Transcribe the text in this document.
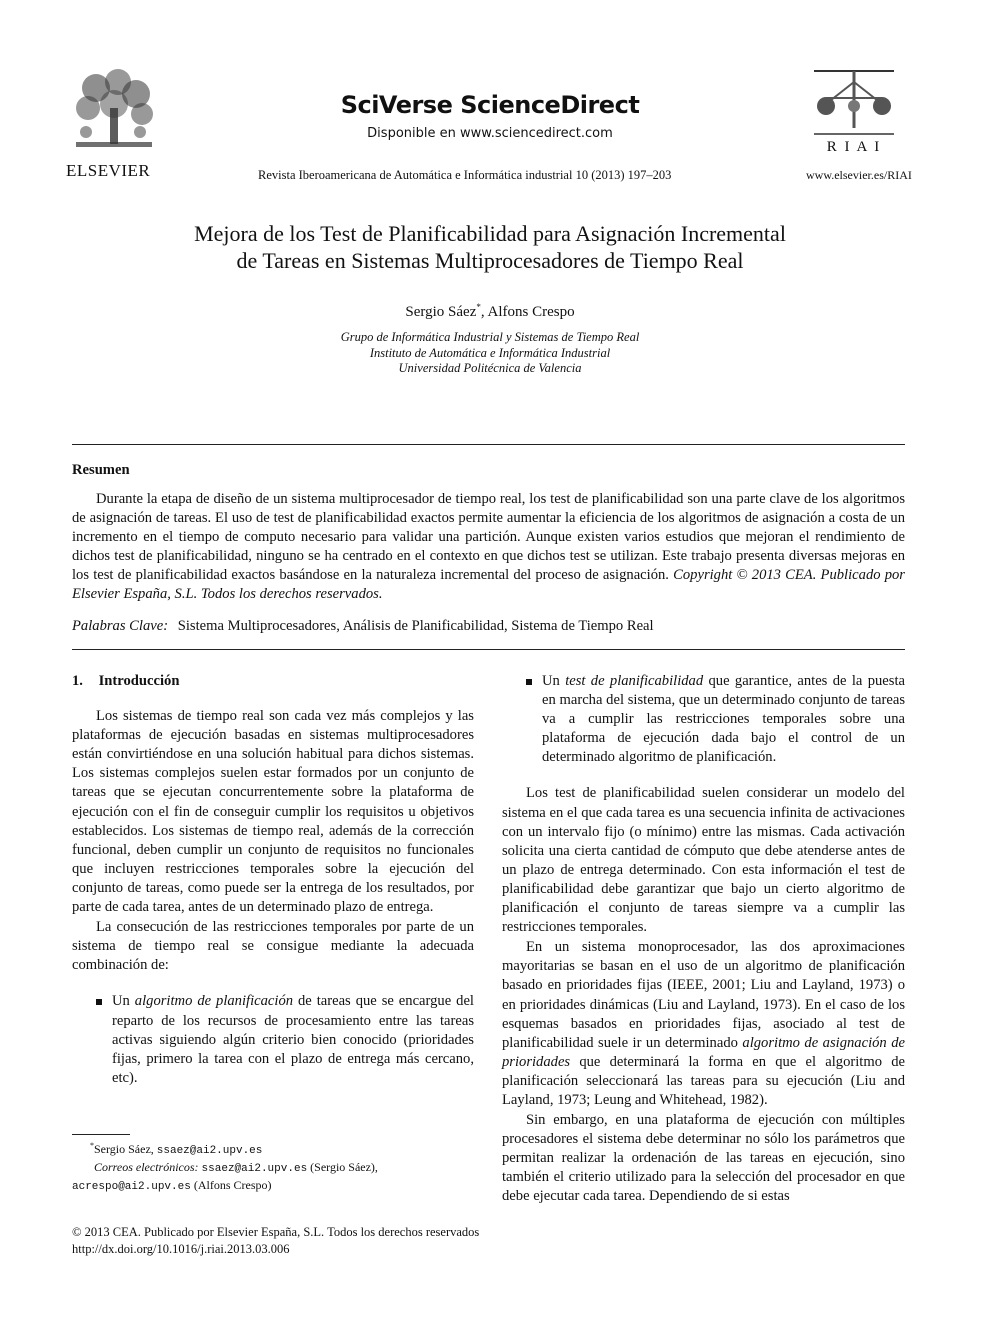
ELSEVIER
SciVerse ScienceDirect
Disponible en www.sciencedirect.com
Revista Iberoamericana de Automática e Informática industrial 10 (2013) 197–203
R I A I
www.elsevier.es/RIAI
Mejora de los Test de Planificabilidad para Asignación Incremental
de Tareas en Sistemas Multiprocesadores de Tiempo Real
Sergio Sáez*, Alfons Crespo
Grupo de Informática Industrial y Sistemas de Tiempo Real
Instituto de Automática e Informática Industrial
Universidad Politécnica de Valencia
Resumen
Durante la etapa de diseño de un sistema multiprocesador de tiempo real, los test de planificabilidad son una parte clave de los algoritmos de asignación de tareas. El uso de test de planificabilidad exactos permite aumentar la eficiencia de los algoritmos de asignación a costa de un incremento en el tiempo de computo necesario para validar una partición. Aunque existen varios estudios que mejoran el rendimiento de dichos test de planificabilidad, ninguno se ha centrado en el contexto en que dichos test se utilizan. Este trabajo presenta diversas mejoras en los test de planificabilidad exactos basándose en la naturaleza incremental del proceso de asignación. Copyright © 2013 CEA. Publicado por Elsevier España, S.L. Todos los derechos reservados.
Palabras Clave: Sistema Multiprocesadores, Análisis de Planificabilidad, Sistema de Tiempo Real
1. Introducción

Los sistemas de tiempo real son cada vez más complejos y las plataformas de ejecución basadas en sistemas multiprocesadores están convirtiéndose en una solución habitual para dichos sistemas. Los sistemas complejos suelen estar formados por un conjunto de tareas que se ejecutan concurrentemente sobre la plataforma de ejecución con el fin de conseguir cumplir los requisitos u objetivos establecidos. Los sistemas de tiempo real, además de la corrección funcional, deben cumplir un conjunto de requisitos no funcionales que incluyen restricciones temporales sobre la ejecución del conjunto de tareas, como puede ser la entrega de los resultados, por parte de cada tarea, antes de un determinado plazo de entrega.

La consecución de las restricciones temporales por parte de un sistema de tiempo real se consigue mediante la adecuada combinación de:

Un algoritmo de planificación de tareas que se encargue del reparto de los recursos de procesamiento entre las tareas activas siguiendo algún criterio bien conocido (prioridades fijas, primero la tarea con el plazo de entrega más cercano, etc).
*Sergio Sáez, ssaez@ai2.upv.es
Correos electrónicos: ssaez@ai2.upv.es (Sergio Sáez),
acrespo@ai2.upv.es (Alfons Crespo)
Un test de planificabilidad que garantice, antes de la puesta en marcha del sistema, que un determinado conjunto de tareas va a cumplir las restricciones temporales sobre una plataforma de ejecución dada bajo el control de un determinado algoritmo de planificación.

Los test de planificabilidad suelen considerar un modelo del sistema en el que cada tarea es una secuencia infinita de activaciones con un intervalo fijo (o mínimo) entre las mismas. Cada activación solicita una cierta cantidad de cómputo que debe atenderse antes de un plazo de entrega determinado. Con esta información el test de planificabilidad debe garantizar que bajo un cierto algoritmo de planificación el conjunto de tareas siempre va a cumplir las restricciones temporales.

En un sistema monoprocesador, las dos aproximaciones mayoritarias se basan en el uso de un algoritmo de planificación basado en prioridades fijas (IEEE, 2001; Liu and Layland, 1973) o en prioridades dinámicas (Liu and Layland, 1973). En el caso de los esquemas basados en prioridades fijas, asociado al test de planificabilidad suele ir un determinado algoritmo de asignación de prioridades que determinará la forma en que el algoritmo de planificación seleccionará las tareas para su ejecución (Liu and Layland, 1973; Leung and Whitehead, 1982).

Sin embargo, en una plataforma de ejecución con múltiples procesadores el sistema debe determinar no sólo los parámetros que permitan realizar la ordenación de las tareas en ejecución, sino también el criterio utilizado para la selección del procesador en que debe ejecutar cada tarea. Dependiendo de si estas

© 2013 CEA. Publicado por Elsevier España, S.L. Todos los derechos reservados
http://dx.doi.org/10.1016/j.riai.2013.03.006
